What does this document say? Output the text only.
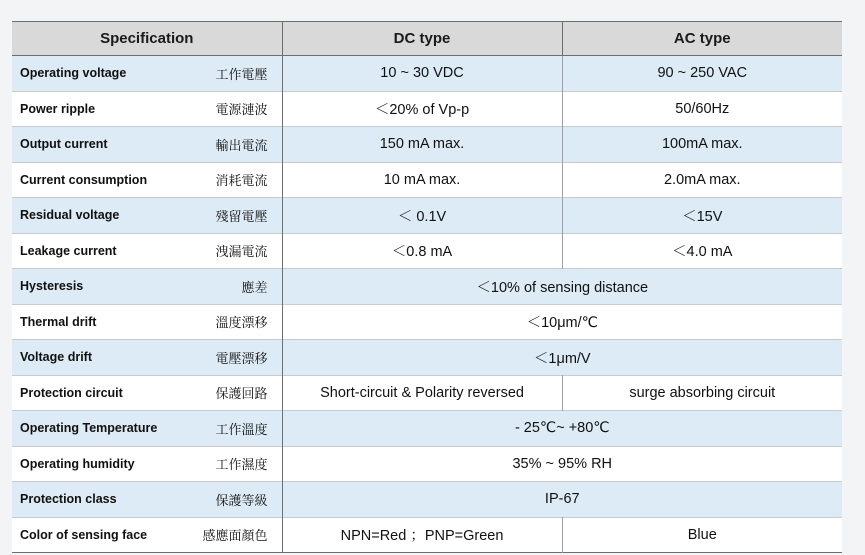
Specification		DC type	AC type
Operating voltage	工作電壓	10 ~ 30 VDC	90 ~ 250 VAC
Power ripple	電源漣波	＜20% of Vp-p	50/60Hz
Output current	輸出電流	150 mA max.	100mA max.
Current consumption	消耗電流	10 mA max.	2.0mA max.
Residual voltage	殘留電壓	＜ 0.1V	＜15V
Leakage current	洩漏電流	＜0.8 mA	＜4.0 mA
Hysteresis	應差	＜10% of sensing distance	
Thermal drift	溫度漂移	＜10μm/℃	
Voltage drift	電壓漂移	＜1μm/V	
Protection circuit	保護回路	Short-circuit & Polarity reversed	surge absorbing circuit
Operating Temperature	工作溫度	- 25℃~ +80℃	
Operating humidity	工作濕度	35% ~ 95% RH	
Protection class	保護等級	IP-67	
Color of sensing face	感應面顏色	NPN=Red ；PNP=Green	Blue
